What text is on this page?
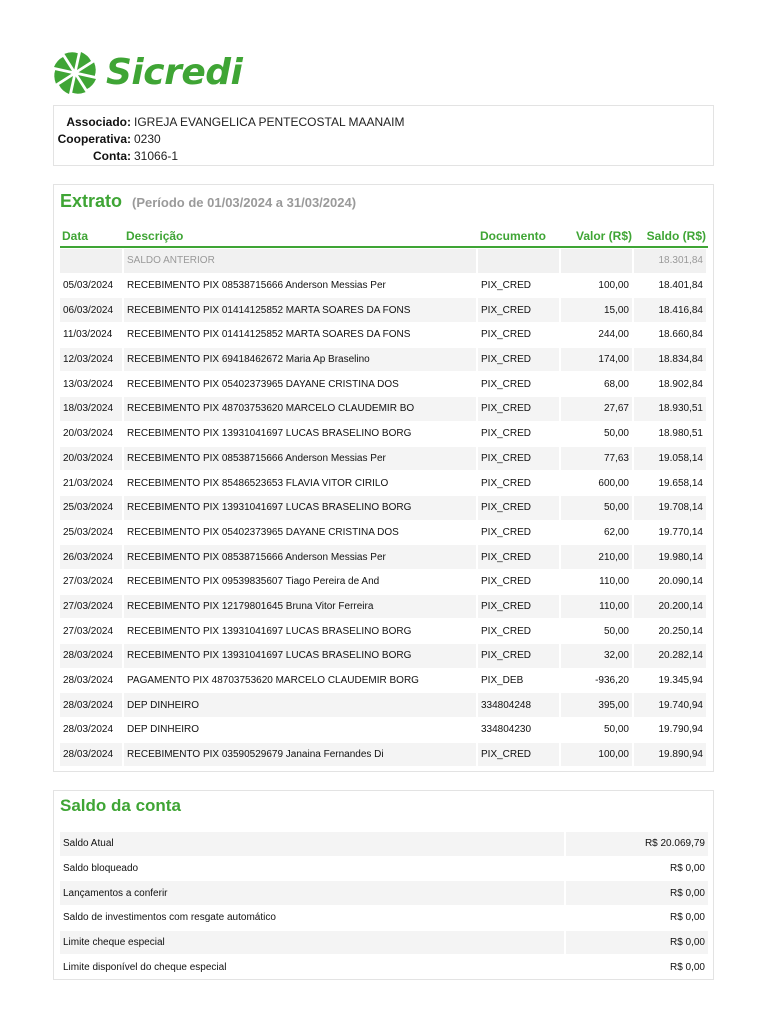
Sicredi
Associado: IGREJA EVANGELICA PENTECOSTAL MAANAIM
Cooperativa: 0230
Conta: 31066-1
Extrato (Período de 01/03/2024 a 31/03/2024)
Data	Descrição	Documento	Valor (R$)	Saldo (R$)
	SALDO ANTERIOR			18.301,84
05/03/2024	RECEBIMENTO PIX 08538715666 Anderson Messias Per	PIX_CRED	100,00	18.401,84
06/03/2024	RECEBIMENTO PIX 01414125852 MARTA SOARES DA FONS	PIX_CRED	15,00	18.416,84
11/03/2024	RECEBIMENTO PIX 01414125852 MARTA SOARES DA FONS	PIX_CRED	244,00	18.660,84
12/03/2024	RECEBIMENTO PIX 69418462672 Maria Ap Braselino	PIX_CRED	174,00	18.834,84
13/03/2024	RECEBIMENTO PIX 05402373965 DAYANE CRISTINA DOS	PIX_CRED	68,00	18.902,84
18/03/2024	RECEBIMENTO PIX 48703753620 MARCELO CLAUDEMIR BO	PIX_CRED	27,67	18.930,51
20/03/2024	RECEBIMENTO PIX 13931041697 LUCAS BRASELINO BORG	PIX_CRED	50,00	18.980,51
20/03/2024	RECEBIMENTO PIX 08538715666 Anderson Messias Per	PIX_CRED	77,63	19.058,14
21/03/2024	RECEBIMENTO PIX 85486523653 FLAVIA VITOR CIRILO	PIX_CRED	600,00	19.658,14
25/03/2024	RECEBIMENTO PIX 13931041697 LUCAS BRASELINO BORG	PIX_CRED	50,00	19.708,14
25/03/2024	RECEBIMENTO PIX 05402373965 DAYANE CRISTINA DOS	PIX_CRED	62,00	19.770,14
26/03/2024	RECEBIMENTO PIX 08538715666 Anderson Messias Per	PIX_CRED	210,00	19.980,14
27/03/2024	RECEBIMENTO PIX 09539835607 Tiago Pereira de And	PIX_CRED	110,00	20.090,14
27/03/2024	RECEBIMENTO PIX 12179801645 Bruna Vitor Ferreira	PIX_CRED	110,00	20.200,14
27/03/2024	RECEBIMENTO PIX 13931041697 LUCAS BRASELINO BORG	PIX_CRED	50,00	20.250,14
28/03/2024	RECEBIMENTO PIX 13931041697 LUCAS BRASELINO BORG	PIX_CRED	32,00	20.282,14
28/03/2024	PAGAMENTO PIX 48703753620 MARCELO CLAUDEMIR BORG	PIX_DEB	-936,20	19.345,94
28/03/2024	DEP DINHEIRO	334804248	395,00	19.740,94
28/03/2024	DEP DINHEIRO	334804230	50,00	19.790,94
28/03/2024	RECEBIMENTO PIX 03590529679 Janaina Fernandes Di	PIX_CRED	100,00	19.890,94
Saldo da conta
Saldo Atual	R$ 20.069,79
Saldo bloqueado	R$ 0,00
Lançamentos a conferir	R$ 0,00
Saldo de investimentos com resgate automático	R$ 0,00
Limite cheque especial	R$ 0,00
Limite disponível do cheque especial	R$ 0,00
